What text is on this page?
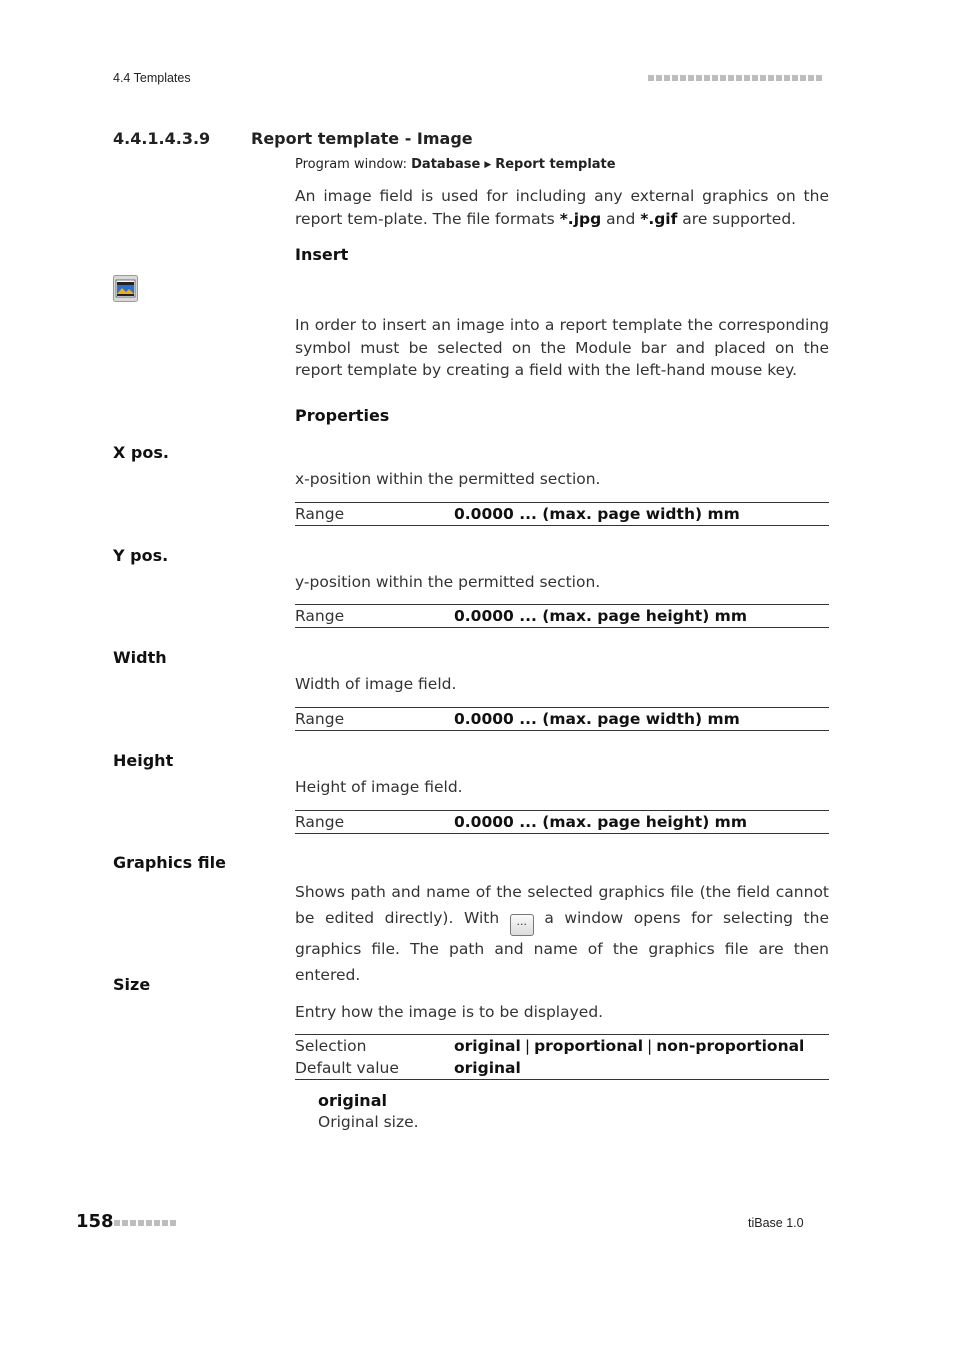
4.4 Templates
4.4.1.4.3.9	Report template - Image
Program window: Database ▶ Report template
An image field is used for including any external graphics on the report tem-plate. The file formats *.jpg and *.gif are supported.
Insert
In order to insert an image into a report template the corresponding symbol must be selected on the Module bar and placed on the report template by creating a field with the left-hand mouse key.
Properties
X pos.
x-position within the permitted section.
Range	0.0000 ... (max. page width) mm
Y pos.
y-position within the permitted section.
Range	0.0000 ... (max. page height) mm
Width
Width of image field.
Range	0.0000 ... (max. page width) mm
Height
Height of image field.
Range	0.0000 ... (max. page height) mm
Graphics file
Shows path and name of the selected graphics file (the field cannot be edited directly). With ... a window opens for selecting the graphics file. The path and name of the graphics file are then entered.
Size
Entry how the image is to be displayed.
Selection	original | proportional | non-proportional
Default value	original
original
Original size.
158	tiBase 1.0
